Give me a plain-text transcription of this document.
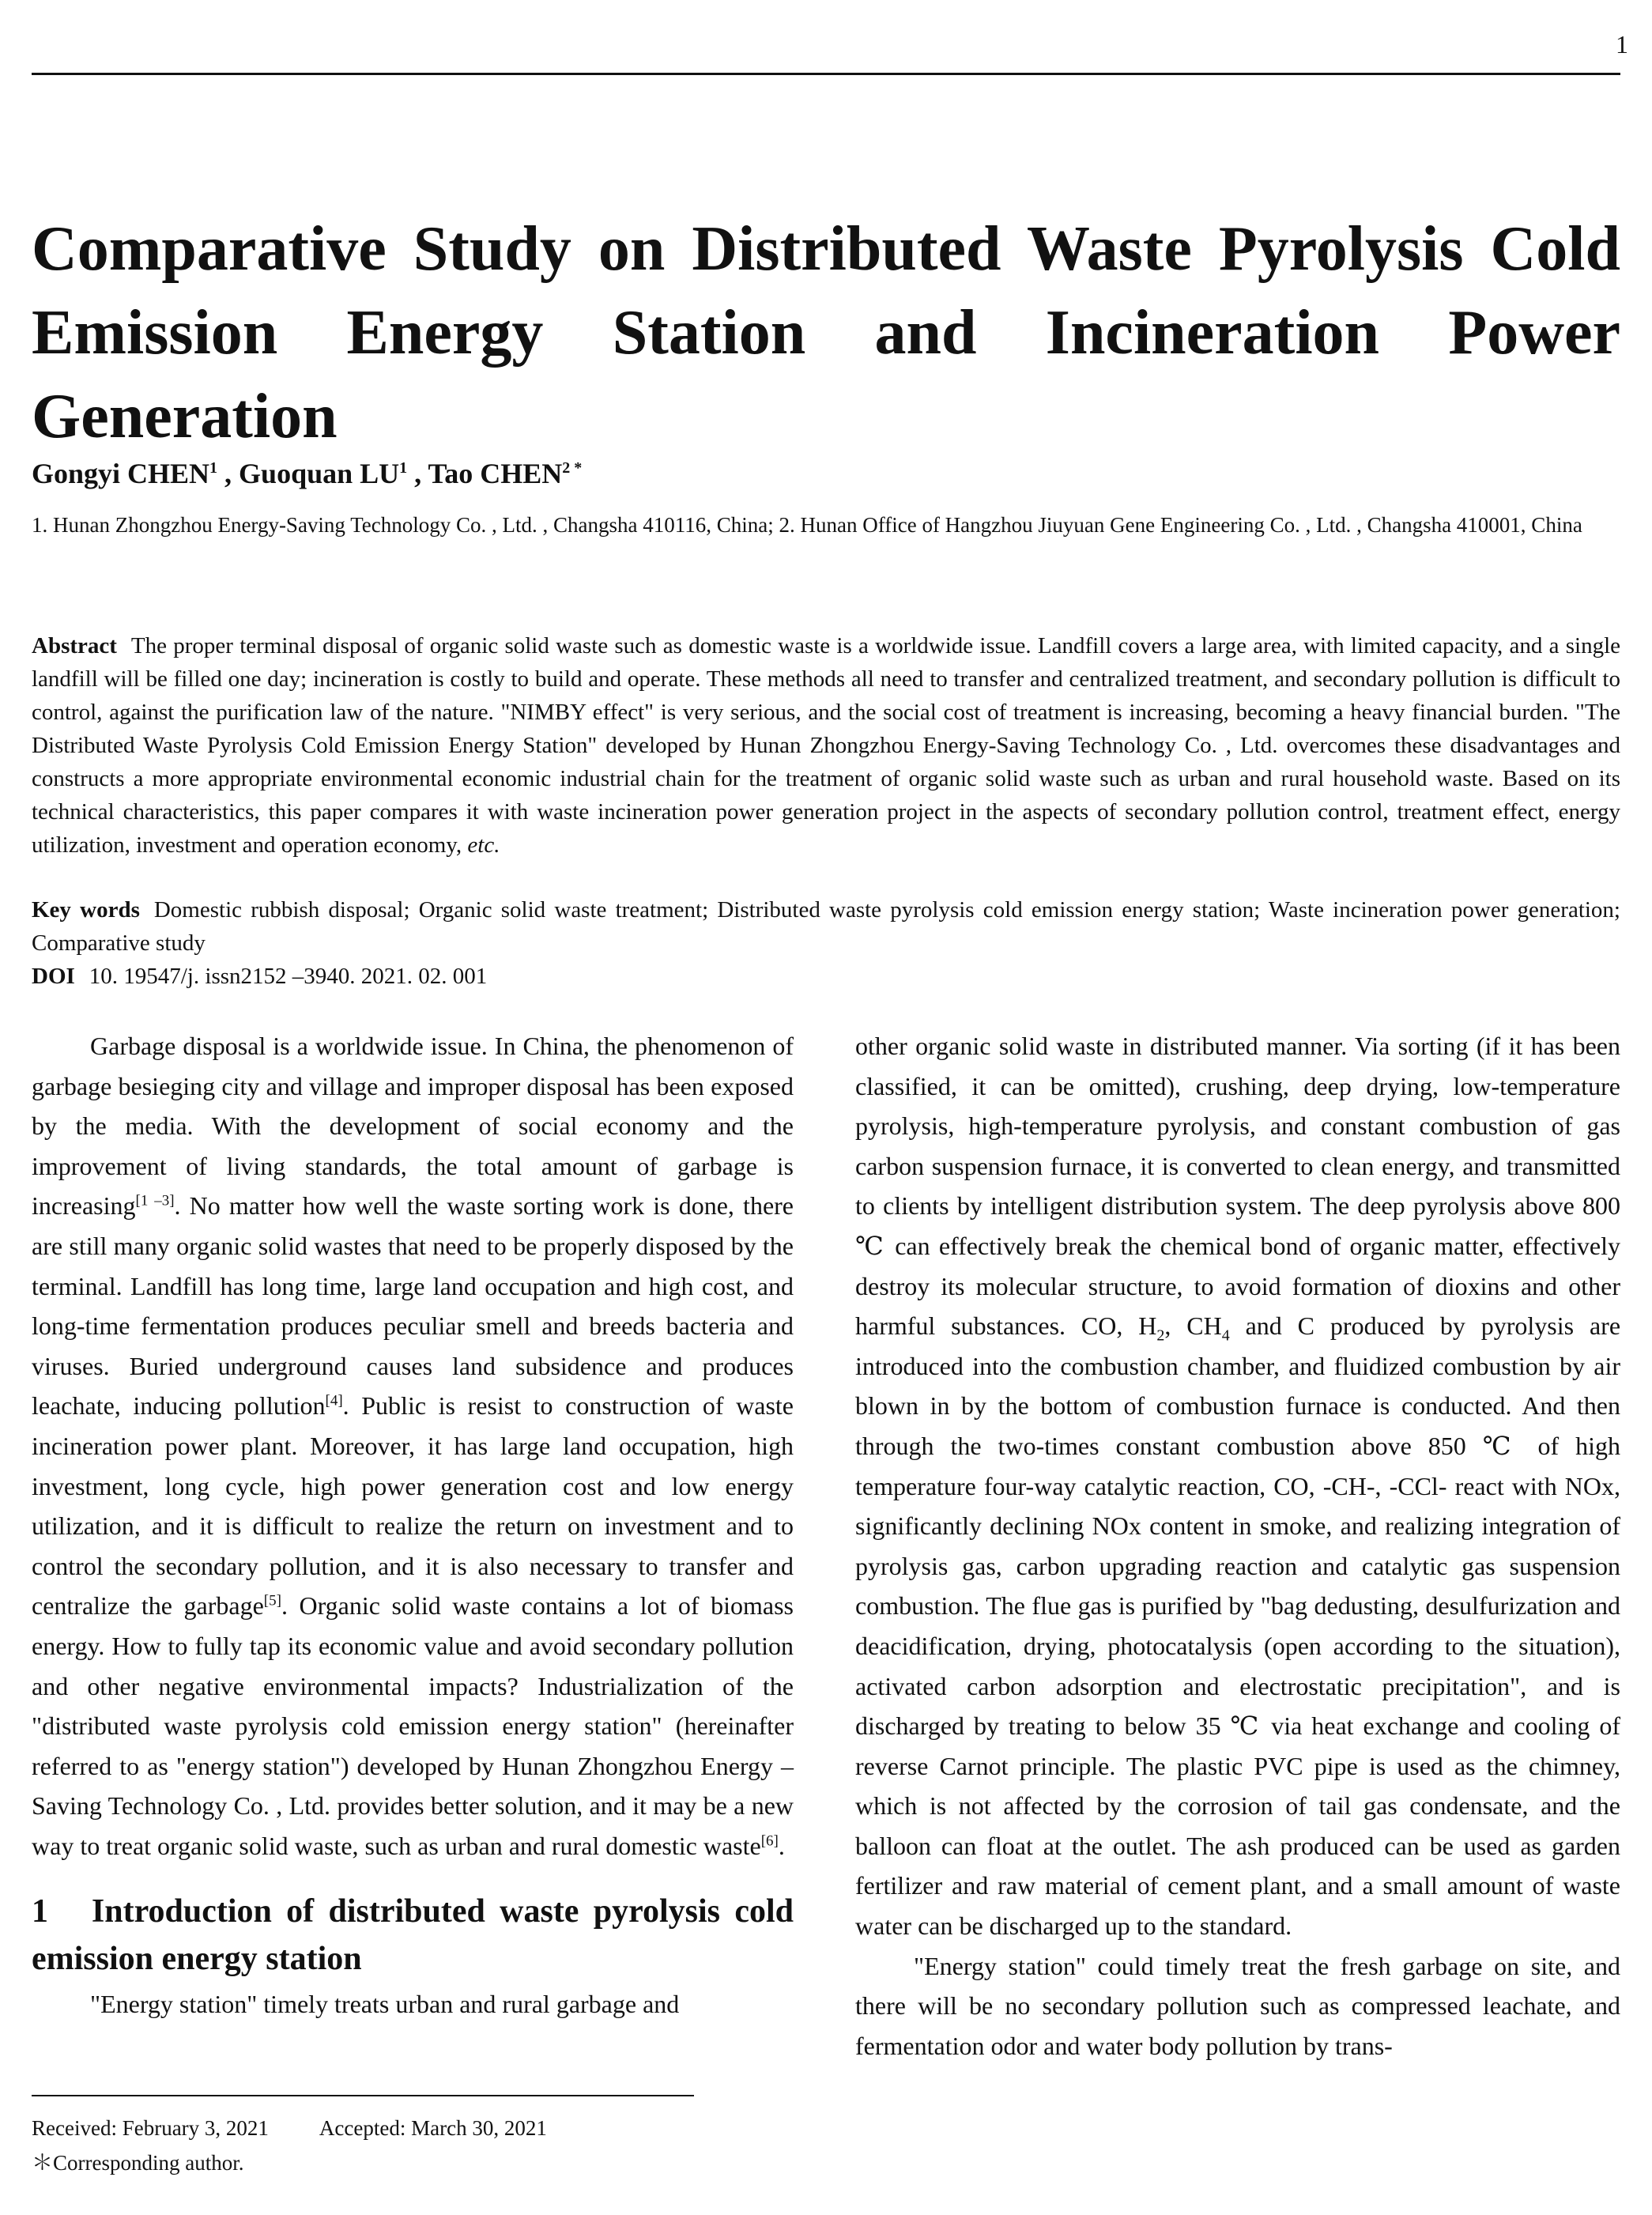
1
Comparative Study on Distributed Waste Pyrolysis Cold Emission Energy Station and Incineration Power Generation
Gongyi CHEN$^1$ , Guoquan $LU^1$ , Tao $CHEN^{2 *}$
1. Hunan Zhongzhou Energy-Saving Technology Co. , Ltd. , Changsha 410116, China; 2. Hunan Office of Hangzhou Jiuyuan Gene Engineering Co. , Ltd. , Changsha 410001, China
Abstract The proper terminal disposal of organic solid waste such as domestic waste is a worldwide issue. Landfill covers a large area, with limited capacity, and a single landfill will be filled one day; incineration is costly to build and operate. These methods all need to transfer and centralized treatment, and secondary pollution is difficult to control, against the purification law of the nature. "NIMBY effect" is very serious, and the social cost of treatment is increasing, becoming a heavy financial burden. "The Distributed Waste Pyrolysis Cold Emission Energy Station" developed by Hunan Zhongzhou Energy-Saving Technology Co. , Ltd. overcomes these disadvantages and constructs a more appropriate environmental economic industrial chain for the treatment of organic solid waste such as urban and rural household waste. Based on its technical characteristics, this paper compares it with waste incineration power generation project in the aspects of secondary pollution control, treatment effect, energy utilization, investment and operation economy, etc.
Key words Domestic rubbish disposal; Organic solid waste treatment; Distributed waste pyrolysis cold emission energy station; Waste incineration power generation; Comparative study
DOI 10. 19547/j. issn2152 –3940. 2021. 02. 001

Garbage disposal is a worldwide issue. In China, the phenomenon of garbage besieging city and village and improper disposal has been exposed by the media. With the development of social economy and the improvement of living standards, the total amount of garbage is increasing[1 –3]. No matter how well the waste sorting work is done, there are still many organic solid wastes that need to be properly disposed by the terminal. Landfill has long time, large land occupation and high cost, and long-time fermentation produces peculiar smell and breeds bacteria and viruses. Buried underground causes land subsidence and produces leachate, inducing pollution[4]. Public is resist to construction of waste incineration power plant. Moreover, it has large land occupation, high investment, long cycle, high power generation cost and low energy utilization, and it is difficult to realize the return on investment and to control the secondary pollution, and it is also necessary to transfer and centralize the garbage[5]. Organic solid waste contains a lot of biomass energy. How to fully tap its economic value and avoid secondary pollution and other negative environmental impacts? Industrialization of the "distributed waste pyrolysis cold emission energy station" (hereinafter referred to as "energy station") developed by Hunan Zhongzhou Energy –Saving Technology Co. , Ltd. provides better solution, and it may be a new way to treat organic solid waste, such as urban and rural domestic waste[6].

1   Introduction of distributed waste pyrolysis cold emission energy station

"Energy station" timely treats urban and rural garbage and

other organic solid waste in distributed manner. Via sorting (if it has been classified, it can be omitted), crushing, deep drying, low-temperature pyrolysis, high-temperature pyrolysis, and constant combustion of gas carbon suspension furnace, it is converted to clean energy, and transmitted to clients by intelligent distribution system. The deep pyrolysis above 800 ℃ can effectively break the chemical bond of organic matter, effectively destroy its molecular structure, to avoid formation of dioxins and other harmful substances. CO, $H_2$, $CH_4$ and C produced by pyrolysis are introduced into the combustion chamber, and fluidized combustion by air blown in by the bottom of combustion furnace is conducted. And then through the two-times constant combustion above 850 ℃ of high temperature four-way catalytic reaction, CO, -CH-, -CCl- react with NOx, significantly declining NOx content in smoke, and realizing integration of pyrolysis gas, carbon upgrading reaction and catalytic gas suspension combustion. The flue gas is purified by "bag dedusting, desulfurization and deacidification, drying, photocatalysis (open according to the situation), activated carbon adsorption and electrostatic precipitation", and is discharged by treating to below 35 ℃ via heat exchange and cooling of reverse Carnot principle. The plastic PVC pipe is used as the chimney, which is not affected by the corrosion of tail gas condensate, and the balloon can float at the outlet. The ash produced can be used as garden fertilizer and raw material of cement plant, and a small amount of waste water can be discharged up to the standard.

"Energy station" could timely treat the fresh garbage on site, and there will be no secondary pollution such as compressed leachate, and fermentation odor and water body pollution by trans-

Received: February 3, 2021 Accepted: March 30, 2021
＊Corresponding author.
